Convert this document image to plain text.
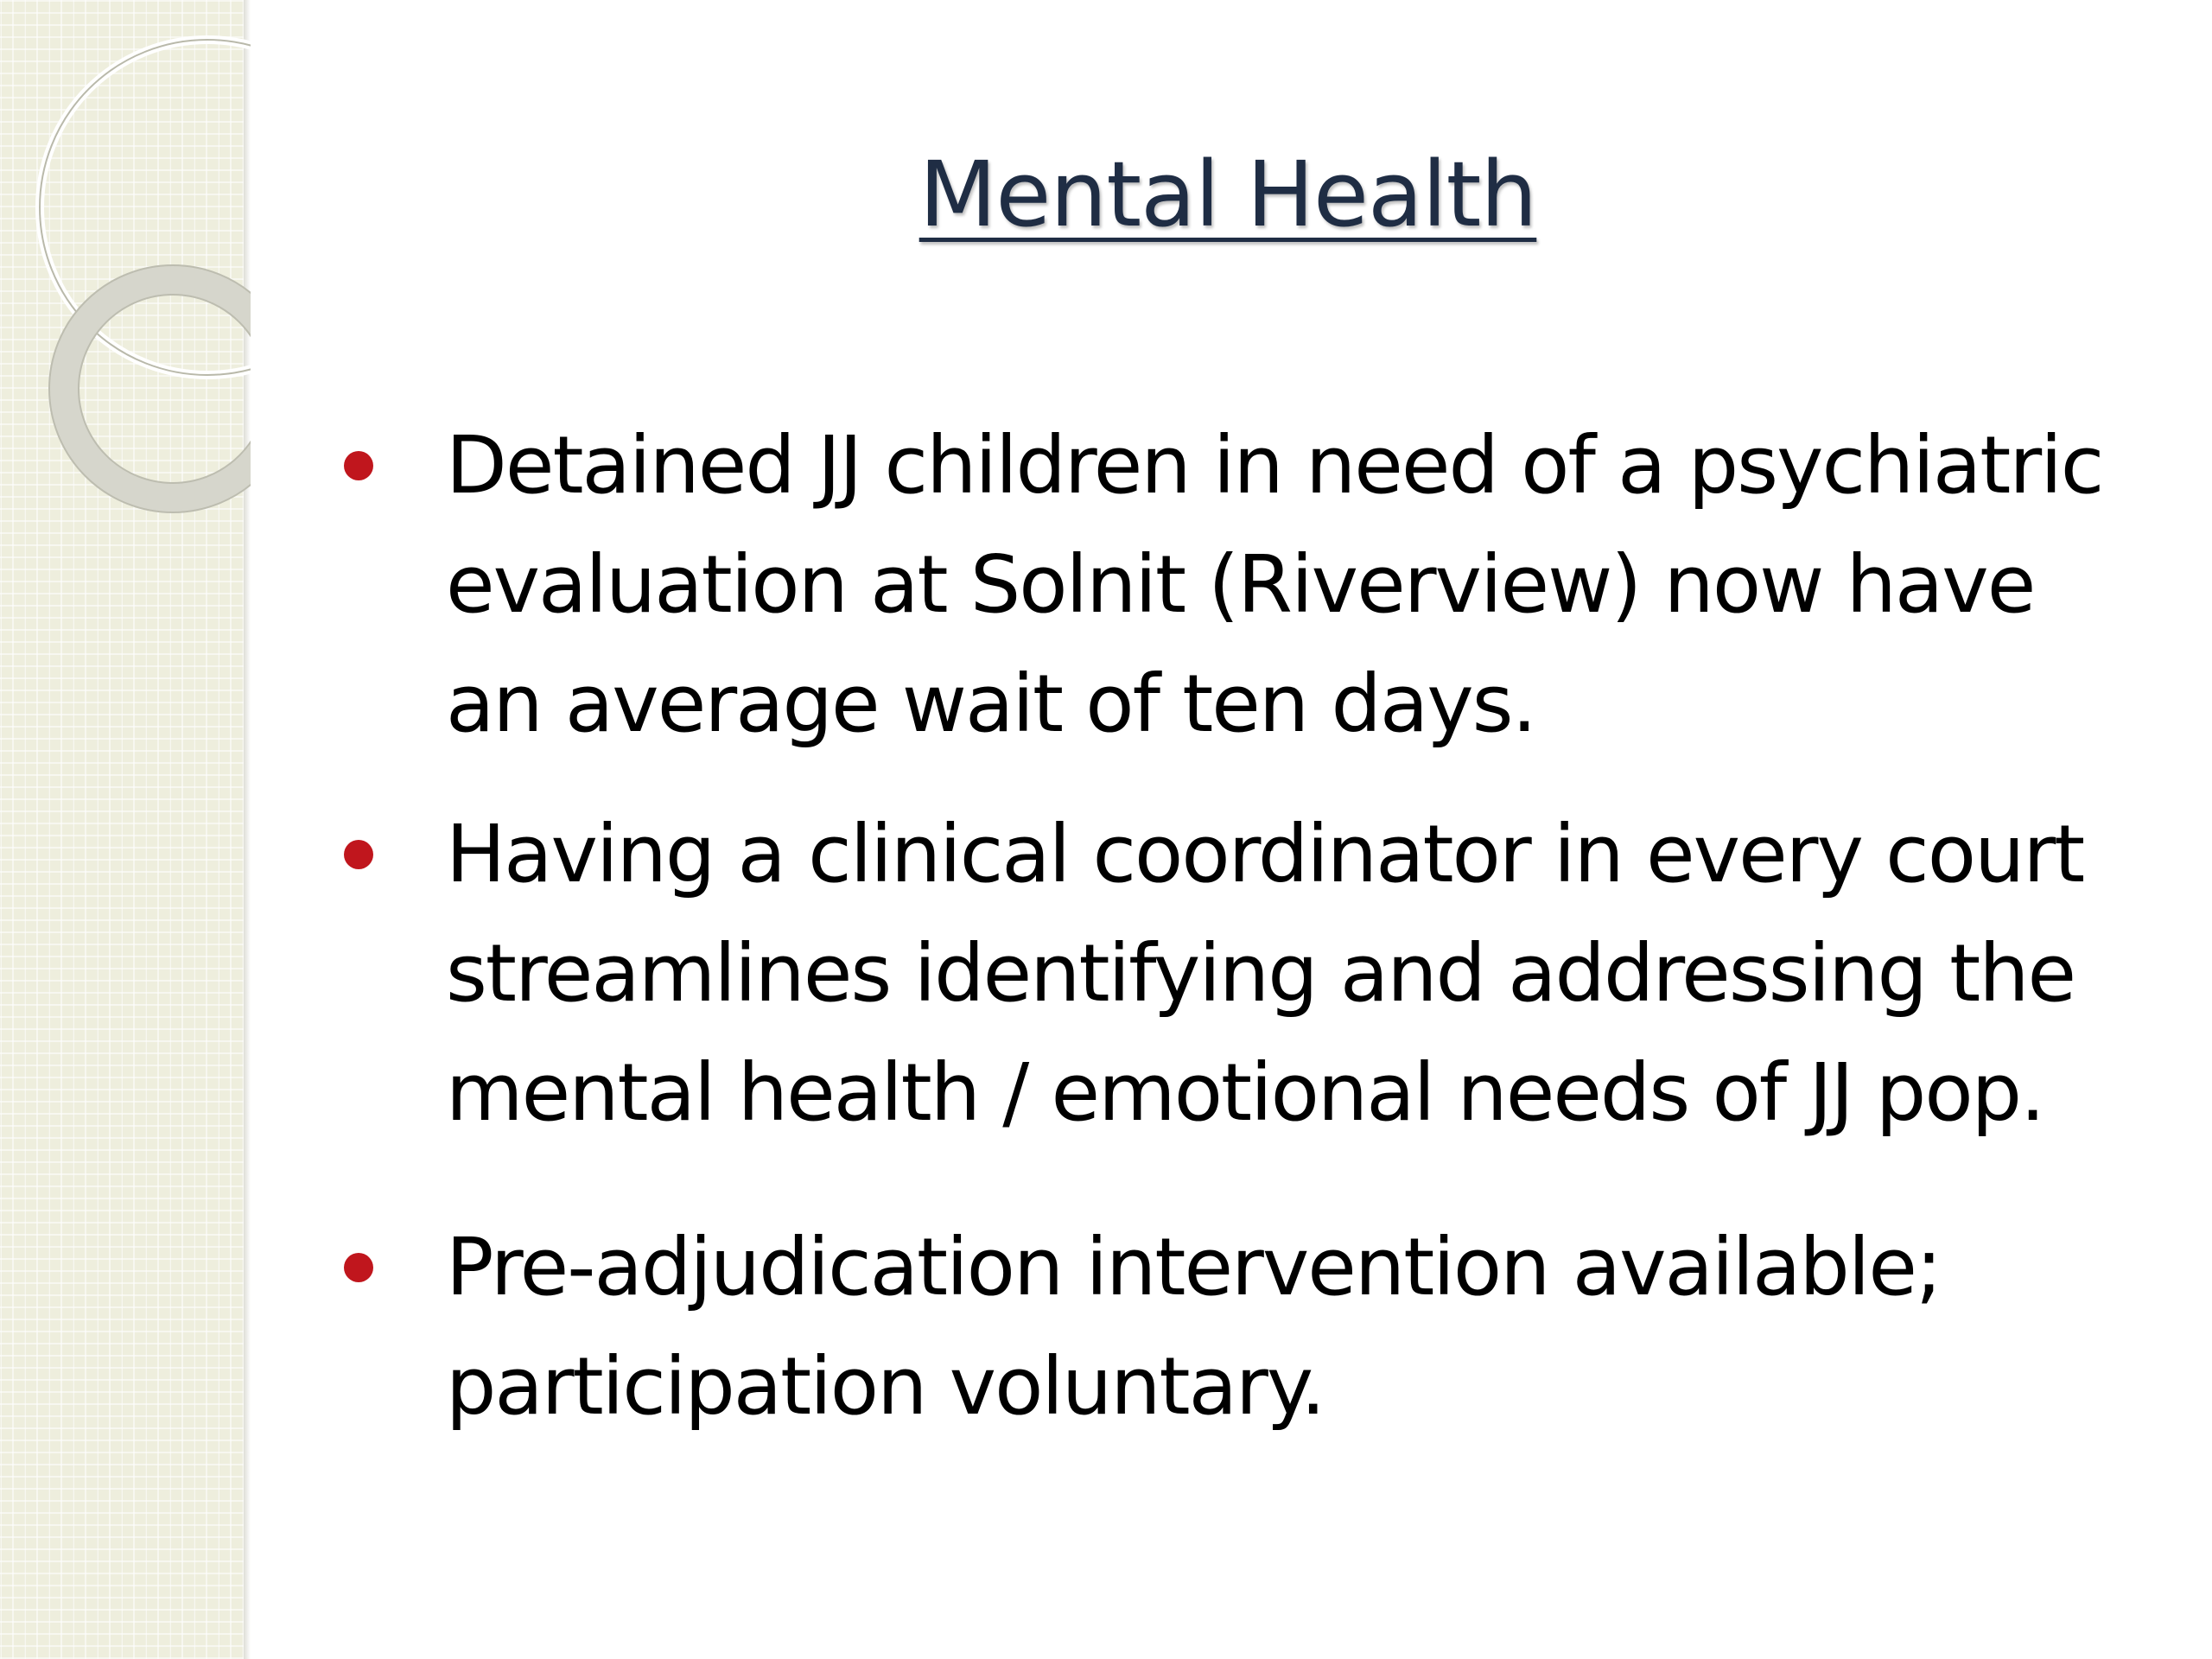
Mental Health
Detained JJ children in need of a psychiatric evaluation at Solnit (Riverview) now have an average wait of ten days.
Having a clinical coordinator in every court streamlines identifying and addressing the mental health / emotional needs of JJ pop.
Pre-adjudication intervention available; participation voluntary.
